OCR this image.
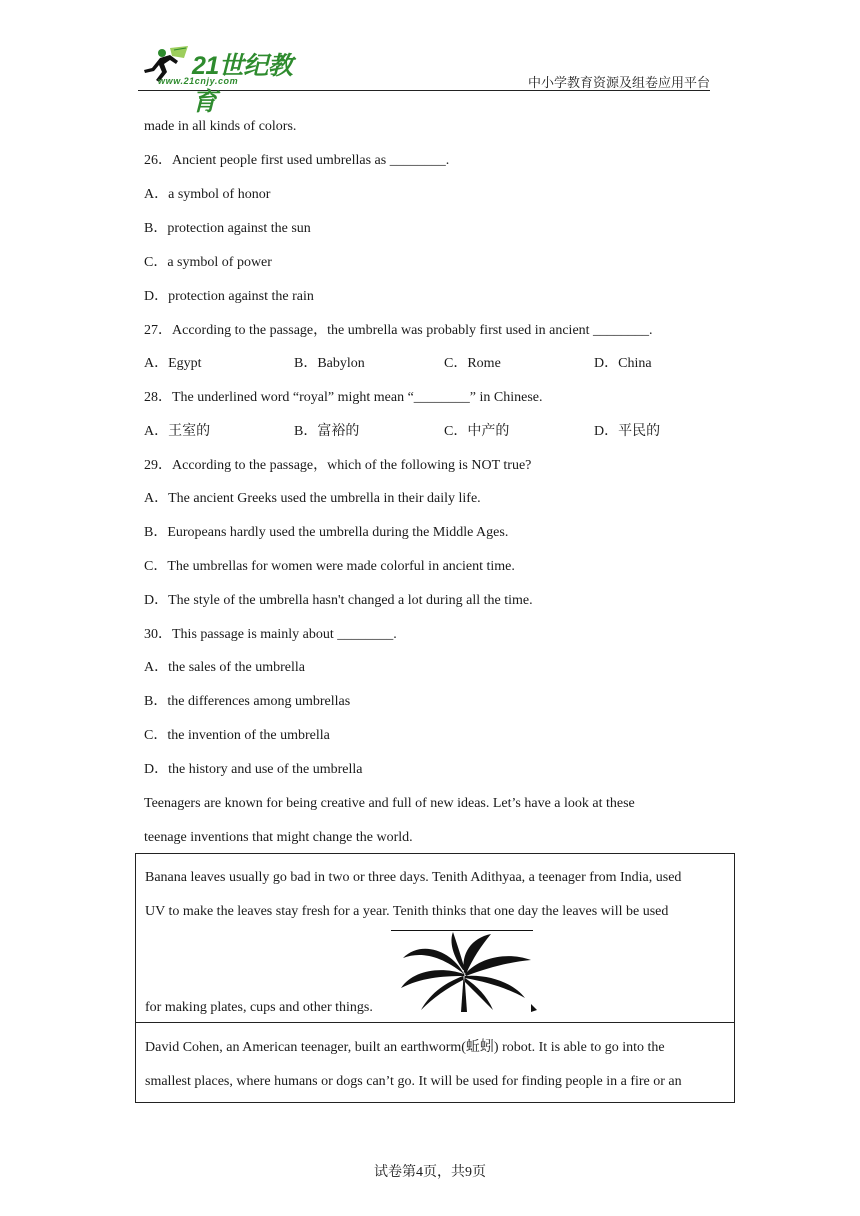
21世纪教育
www.21cnjy.com	中小学教育资源及组卷应用平台
made in all kinds of colors.
26．Ancient people first used umbrellas as ________.
A．a symbol of honor
B．protection against the sun
C．a symbol of power
D．protection against the rain
27．According to the passage，the umbrella was probably first used in ancient ________.
A．Egypt	B．Babylon	C．Rome	D．China
28．The underlined word “royal” might mean “________” in Chinese.
A．王室的	B．富裕的	C．中产的	D．平民的
29．According to the passage，which of the following is NOT true?
A．The ancient Greeks used the umbrella in their daily life.
B．Europeans hardly used the umbrella during the Middle Ages.
C．The umbrellas for women were made colorful in ancient time.
D．The style of the umbrella hasn't changed a lot during all the time.
30．This passage is mainly about ________.
A．the sales of the umbrella
B．the differences among umbrellas
C．the invention of the umbrella
D．the history and use of the umbrella
Teenagers are known for being creative and full of new ideas. Let’s have a look at these
teenage inventions that might change the world.
Banana leaves usually go bad in two or three days. Tenith Adithyaa, a teenager from India, used
UV to make the leaves stay fresh for a year. Tenith thinks that one day the leaves will be used
for making plates, cups and other things.
David Cohen, an American teenager, built an earthworm(蚯蚓) robot. It is able to go into the
smallest places, where humans or dogs can’t go. It will be used for finding people in a fire or an
试卷第4页，共9页
